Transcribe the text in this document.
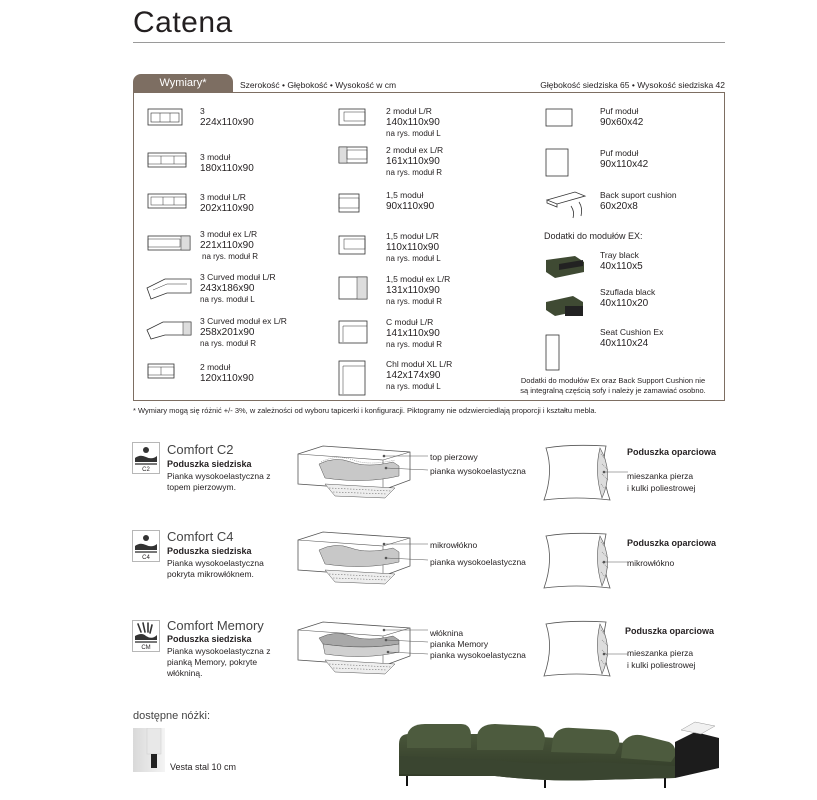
Catena
Wymiary*	Szerokość • Głębokość • Wysokość w cm	Głębokość siedziska 65 • Wysokość siedziska 42
3
224x110x90
3 moduł
180x110x90
3 moduł L/R
202x110x90
3 moduł ex L/R
221x110x90
na rys. moduł R
3 Curved moduł L/R
243x186x90
na rys. moduł L
3 Curved moduł ex L/R
258x201x90
na rys. moduł R
2 moduł
120x110x90
2 moduł L/R
140x110x90
na rys. moduł L
2 moduł ex L/R
161x110x90
na rys. moduł R
1,5 moduł
90x110x90
1,5 moduł L/R
110x110x90
na rys. moduł L
1,5 moduł ex L/R
131x110x90
na rys. moduł R
C moduł L/R
141x110x90
na rys. moduł R
Chl moduł XL L/R
142x174x90
na rys. moduł L
Puf moduł
90x60x42
Puf moduł
90x110x42
Back suport cushion
60x20x8
Dodatki do modułów EX:
Tray black
40x110x5
Szuflada black
40x110x20
Seat Cushion Ex
40x110x24
Dodatki do modułów Ex oraz Back Support Cushion nie są integralną częścią sofy i należy je zamawiać osobno.
* Wymiary mogą się różnić +/- 3%, w zależności od wyboru tapicerki i konfiguracji. Piktogramy nie odzwierciedlają proporcji i kształtu mebla.
C2
Comfort C2
Poduszka siedziska
Pianka wysokoelastyczna z topem pierzowym.
top pierzowy
pianka wysokoelastyczna
Poduszka oparciowa
mieszanka pierza
i kulki poliestrowej
C4
Comfort C4
Poduszka siedziska
Pianka wysokoelastyczna pokryta mikrowłóknem.
mikrowłókno
pianka wysokoelastyczna
Poduszka oparciowa
mikrowłókno
CM
Comfort Memory
Poduszka siedziska
Pianka wysokoelastyczna z pianką Memory, pokryte włókniną.
włóknina
pianka Memory
pianka wysokoelastyczna
Poduszka oparciowa
mieszanka pierza
i kulki poliestrowej
dostępne nóżki:
Vesta stal 10 cm
